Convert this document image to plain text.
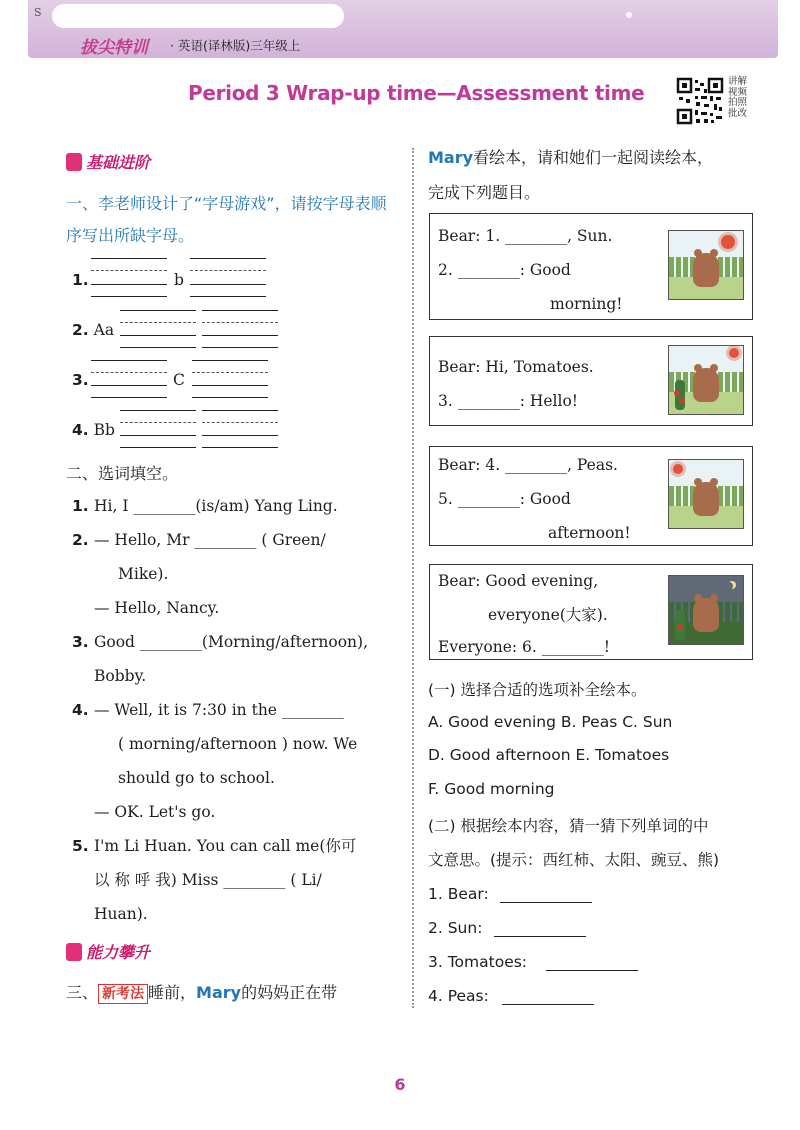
S
拔尖特训 · 英语(译林版)三年级上
Period 3 Wrap-up time—Assessment time	讲解视频 拍照批改
基础进阶
一、李老师设计了“字母游戏”，请按字母表顺序写出所缺字母。
1.	b
2. Aa
3.	C
4. Bb
二、选词填空。
1. Hi, I ________(is/am) Yang Ling.
2. — Hello, Mr ________ ( Green/
Mike).
— Hello, Nancy.
3. Good ________(Morning/afternoon),
Bobby.
4. — Well, it is 7:30 in the ________
( morning/afternoon ) now. We
should go to school.
— OK. Let's go.
5. I'm Li Huan. You can call me(你可
以 称 呼 我) Miss ________ ( Li/
Huan).
能力攀升
三、 新考法 睡前，Mary的妈妈正在带
Mary看绘本，请和她们一起阅读绘本，
完成下列题目。
Bear: 1. ________, Sun.
2. ________: Good
morning!
Bear: Hi, Tomatoes.
3. ________: Hello!
Bear: 4. ________, Peas.
5. ________: Good
afternoon!
Bear: Good evening,
everyone(大家).
Everyone: 6. ________!
(一) 选择合适的选项补全绘本。
A. Good evening B. Peas C. Sun
D. Good afternoon E. Tomatoes
F. Good morning
(二) 根据绘本内容，猜一猜下列单词的中
文意思。(提示：西红柿、太阳、豌豆、熊)
1. Bear:
2. Sun:
3. Tomatoes:
4. Peas:
6
